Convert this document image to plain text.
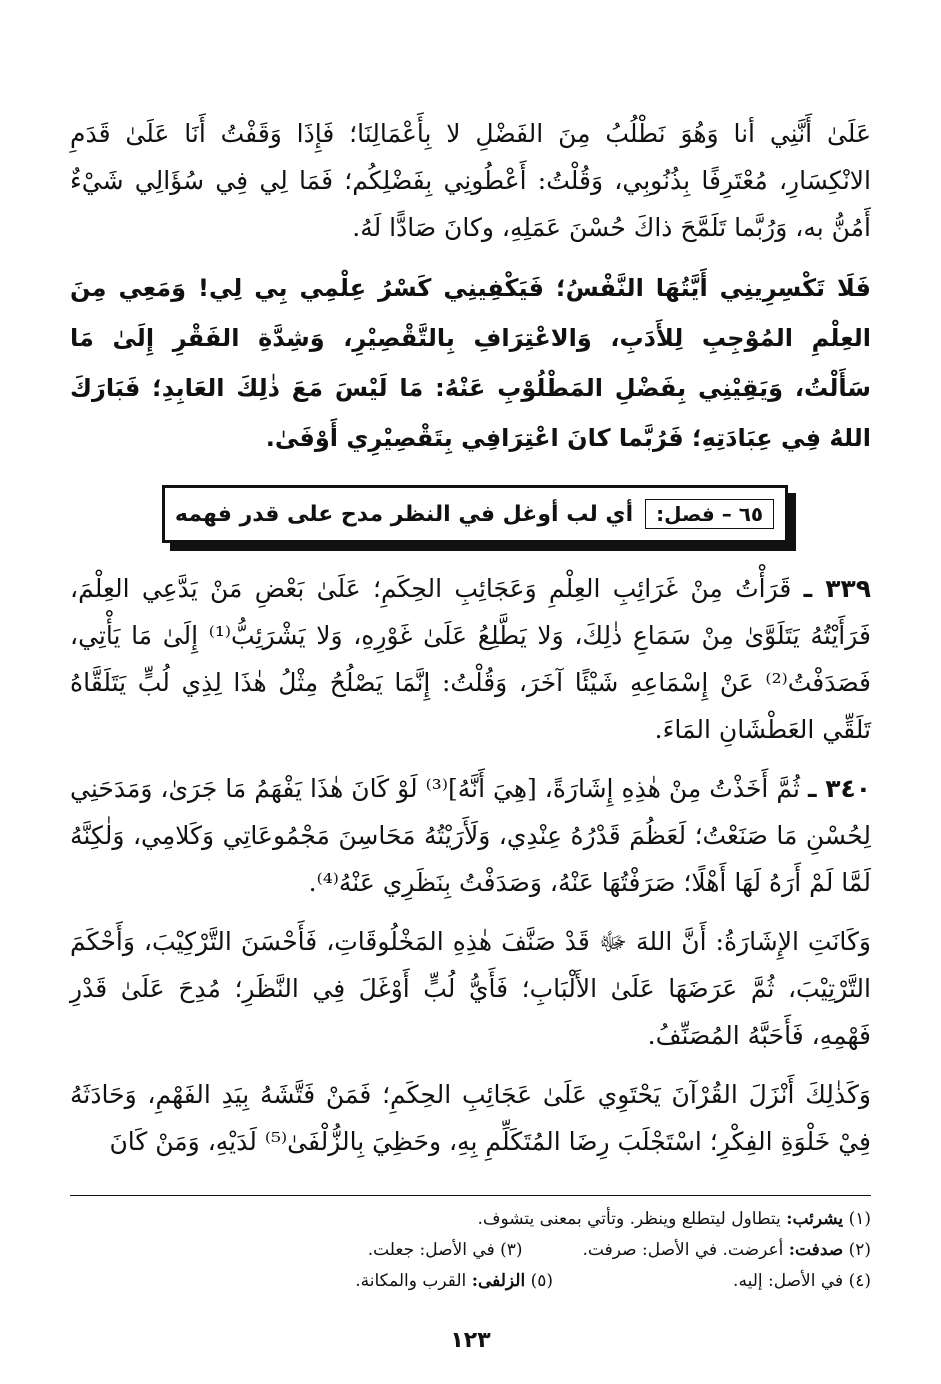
عَلَىٰ أَنَّنِي أنا وَهُوَ نَطْلُبُ مِنَ الفَضْلِ لا بِأَعْمَالِنَا؛ فَإِذَا وَقَفْتُ أَنَا عَلَىٰ قَدَمِ الانْكِسَارِ، مُعْتَرِفًا بِذُنُوبِي، وَقُلْتُ: أَعْطُونِي بِفَضْلِكُم؛ فَمَا لِي فِي سُؤَالِي شَيْءٌ أَمُنُّ به، وَرُبَّما تَلَمَّحَ ذاكَ حُسْنَ عَمَلِهِ، وكانَ صَادًّا لَهُ.

فَلَا تَكْسِرِينِي أَيَّتُهَا النَّفْسُ؛ فَيَكْفِينِي كَسْرُ عِلْمِي بِي لِي! وَمَعِي مِنَ العِلْمِ المُوْجِبِ لِلأَدَبِ، وَالاعْتِرَافِ بِالتَّقْصِيْرِ، وَشِدَّةِ الفَقْرِ إِلَىٰ مَا سَأَلْتُ، وَيَقِيْنِي بِفَضْلِ المَطْلُوْبِ عَنْهُ: مَا لَيْسَ مَعَ ذٰلِكَ العَابِدِ؛ فَبَارَكَ اللهُ فِي عِبَادَتِهِ؛ فَرُبَّما كانَ اعْتِرَافِي بِتَقْصِيْرِي أَوْفَىٰ.

٦٥ – فصل:
أي لب أوغل في النظر مدح على قدر فهمه

٣٣٩ ـ قَرَأْتُ مِنْ غَرَائِبِ العِلْمِ وَعَجَائِبِ الحِكَمِ؛ عَلَىٰ بَعْضِ مَنْ يَدَّعِي العِلْمَ، فَرَأَيْتُهُ يَتَلَوَّىٰ مِنْ سَمَاعِ ذٰلِكَ، وَلا يَطَّلِعُ عَلَىٰ غَوْرِهِ، وَلا يَشْرَئِبُّ⁽¹⁾ إِلَىٰ مَا يَأْتِي، فَصَدَفْتُ⁽²⁾ عَنْ إِسْمَاعِهِ شَيْئًا آخَرَ، وَقُلْتُ: إِنَّمَا يَصْلُحُ مِثْلُ هٰذَا لِذِي لُبٍّ يَتَلَقَّاهُ تَلَقِّي العَطْشَانِ المَاءَ.

٣٤٠ ـ ثُمَّ أَخَذْتُ مِنْ هٰذِهِ إِشَارَةً، [هِيَ أَنَّهُ]⁽³⁾ لَوْ كَانَ هٰذَا يَفْهَمُ مَا جَرَىٰ، وَمَدَحَنِي لِحُسْنِ مَا صَنَعْتُ؛ لَعَظُمَ قَدْرُهُ عِنْدِي، وَلَأَرَيْتُهُ مَحَاسِنَ مَجْمُوعَاتِي وَكَلامِي، وَلٰكِنَّهُ لَمَّا لَمْ أَرَهُ لَهَا أَهْلًا؛ صَرَفْتُهَا عَنْهُ، وَصَدَفْتُ بِنَظَرِي عَنْهُ⁽⁴⁾.

وَكَانَتِ الإِشَارَةُ: أَنَّ اللهَ ﷻ قَدْ صَنَّفَ هٰذِهِ المَخْلُوقَاتِ، فَأَحْسَنَ التَّرْكِيْبَ، وَأَحْكَمَ التَّرْتِيْبَ، ثُمَّ عَرَضَهَا عَلَىٰ الأَلْبَابِ؛ فَأَيُّ لُبٍّ أَوْغَلَ فِي النَّظَرِ؛ مُدِحَ عَلَىٰ قَدْرِ فَهْمِهِ، فَأَحَبَّهُ المُصَنِّفُ.

وَكَذٰلِكَ أَنْزَلَ القُرْآنَ يَحْتَوِي عَلَىٰ عَجَائِبِ الحِكَمِ؛ فَمَنْ فَتَّشَهُ بِيَدِ الفَهْمِ، وَحَادَثَهُ فِيْ خَلْوَةِ الفِكْرِ؛ اسْتَجْلَبَ رِضَا المُتَكَلِّمِ بِهِ، وحَظِيَ بِالزُّلْفَىٰ⁽⁵⁾ لَدَيْهِ، وَمَنْ كَانَ

(١) يشرئب: يتطاول ليتطلع وينظر. وتأتي بمعنى يتشوف.
(٢) صدفت: أعرضت. في الأصل: صرفت.
(٣) في الأصل: جعلت.
(٤) في الأصل: إليه.
(٥) الزلفى: القرب والمكانة.
١٢٣
